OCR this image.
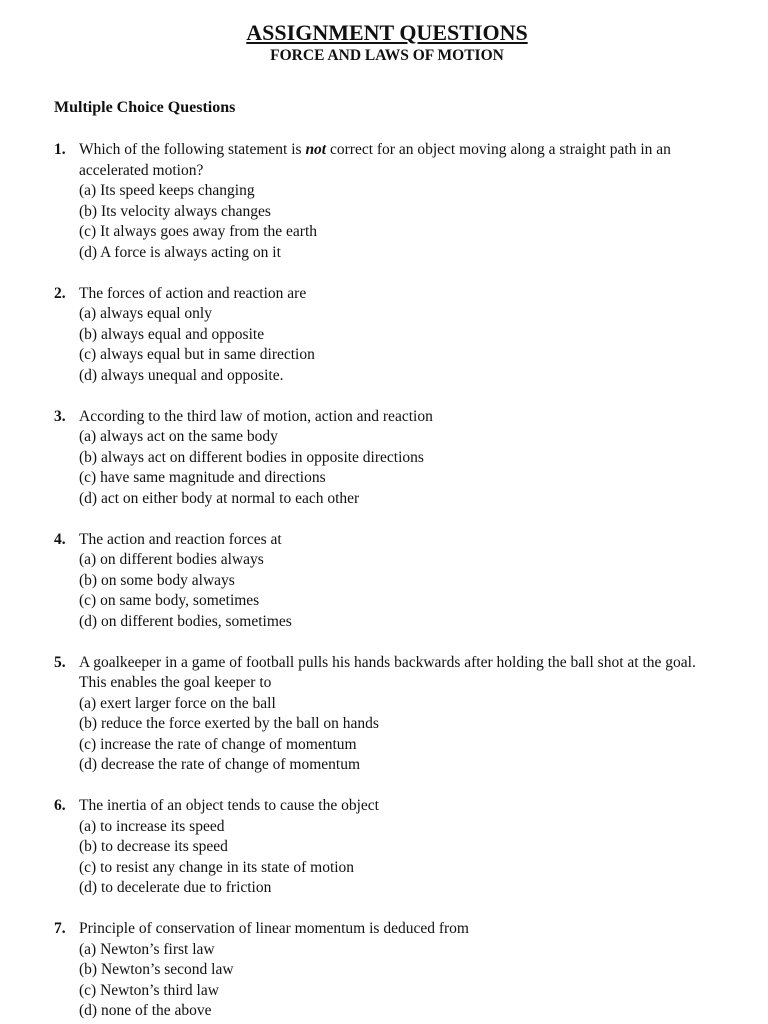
ASSIGNMENT QUESTIONS
FORCE AND LAWS OF MOTION
Multiple Choice Questions
1. Which of the following statement is not correct for an object moving along a straight path in an accelerated motion?
(a) Its speed keeps changing
(b) Its velocity always changes
(c) It always goes away from the earth
(d) A force is always acting on it
2. The forces of action and reaction are
(a) always equal only
(b) always equal and opposite
(c) always equal but in same direction
(d) always unequal and opposite.
3. According to the third law of motion, action and reaction
(a) always act on the same body
(b) always act on different bodies in opposite directions
(c) have same magnitude and directions
(d) act on either body at normal to each other
4. The action and reaction forces at
(a) on different bodies always
(b) on some body always
(c) on same body, sometimes
(d) on different bodies, sometimes
5. A goalkeeper in a game of football pulls his hands backwards after holding the ball shot at the goal. This enables the goal keeper to
(a) exert larger force on the ball
(b) reduce the force exerted by the ball on hands
(c) increase the rate of change of momentum
(d) decrease the rate of change of momentum
6. The inertia of an object tends to cause the object
(a) to increase its speed
(b) to decrease its speed
(c) to resist any change in its state of motion
(d) to decelerate due to friction
7. Principle of conservation of linear momentum is deduced from
(a) Newton’s first law
(b) Newton’s second law
(c) Newton’s third law
(d) none of the above
